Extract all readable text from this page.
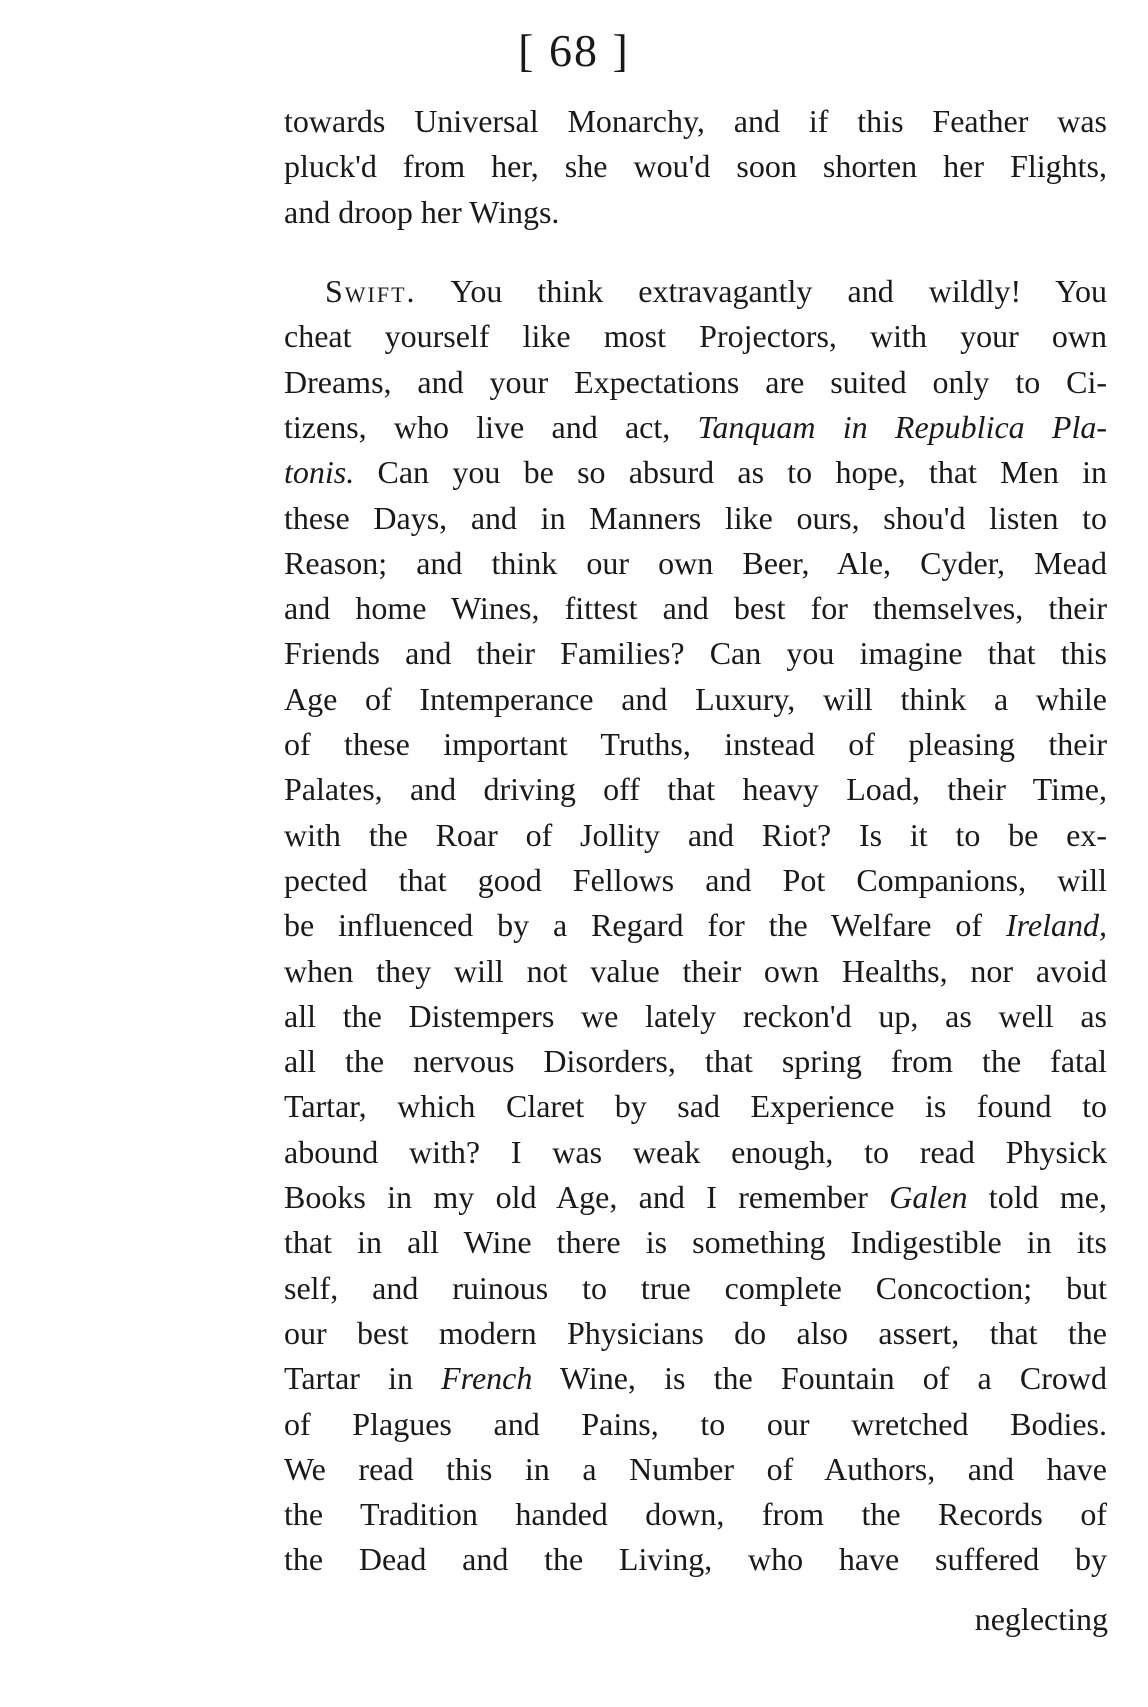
[ 68 ]
towards Universal Monarchy, and if this Feather was
pluck'd from her, she wou'd soon shorten her Flights,
and droop her Wings.
Swift. You think extravagantly and wildly! You
cheat yourself like most Projectors, with your own
Dreams, and your Expectations are suited only to Ci-
tizens, who live and act, Tanquam in Republica Pla-
tonis. Can you be so absurd as to hope, that Men in
these Days, and in Manners like ours, shou'd listen to
Reason; and think our own Beer, Ale, Cyder, Mead
and home Wines, fittest and best for themselves, their
Friends and their Families? Can you imagine that this
Age of Intemperance and Luxury, will think a while
of these important Truths, instead of pleasing their
Palates, and driving off that heavy Load, their Time,
with the Roar of Jollity and Riot? Is it to be ex-
pected that good Fellows and Pot Companions, will
be influenced by a Regard for the Welfare of Ireland,
when they will not value their own Healths, nor avoid
all the Distempers we lately reckon'd up, as well as
all the nervous Disorders, that spring from the fatal
Tartar, which Claret by sad Experience is found to
abound with? I was weak enough, to read Physick
Books in my old Age, and I remember Galen told me,
that in all Wine there is something Indigestible in its
self, and ruinous to true complete Concoction; but
our best modern Physicians do also assert, that the
Tartar in French Wine, is the Fountain of a Crowd
of Plagues and Pains, to our wretched Bodies.
We read this in a Number of Authors, and have
the Tradition handed down, from the Records of
the Dead and the Living, who have suffered by
neglecting
